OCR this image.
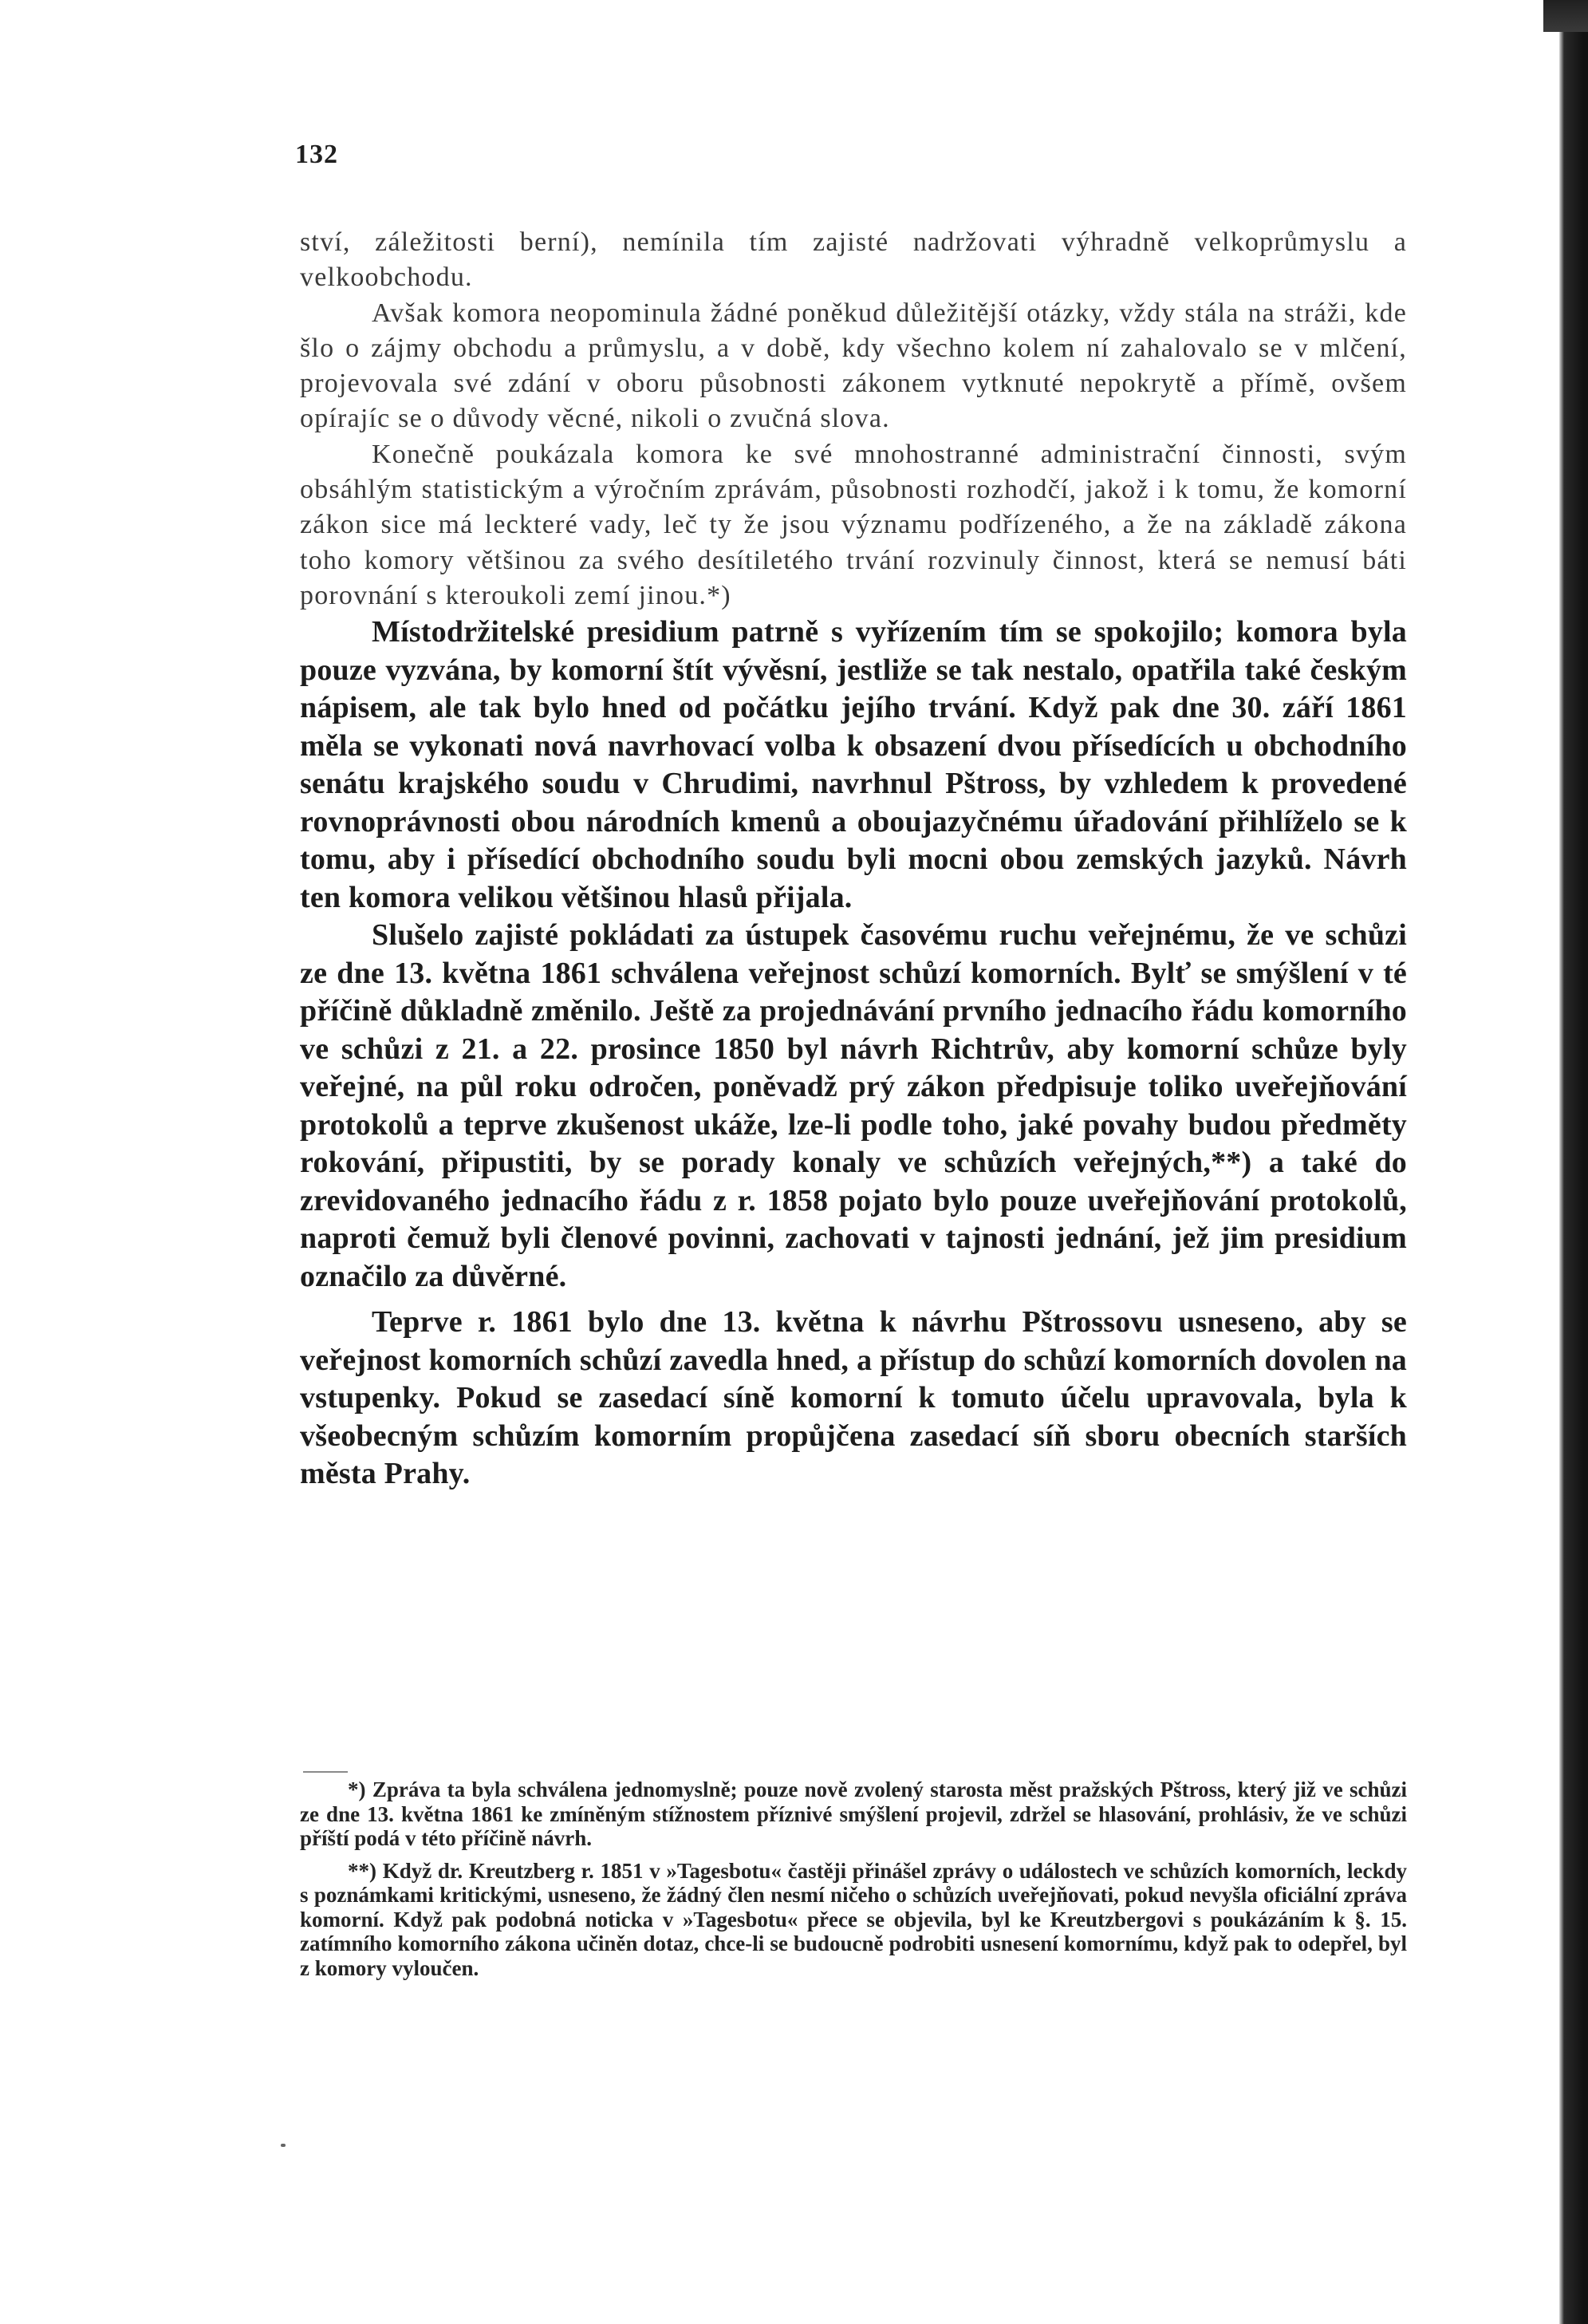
132

ství, záležitosti berní), nemínila tím zajisté nadržovati výhradně velkoprůmyslu a velkoobchodu.

Avšak komora neopominula žádné poněkud důležitější otázky, vždy stála na stráži, kde šlo o zájmy obchodu a průmyslu, a v době, kdy všechno kolem ní zahalovalo se v mlčení, projevovala své zdání v oboru působnosti zákonem vytknuté nepokrytě a přímě, ovšem opírajíc se o důvody věcné, nikoli o zvučná slova.

Konečně poukázala komora ke své mnohostranné administrační činnosti, svým obsáhlým statistickým a výročním zprávám, působnosti rozhodčí, jakož i k tomu, že komorní zákon sice má leckteré vady, leč ty že jsou významu podřízeného, a že na základě zákona toho komory většinou za svého desítiletého trvání rozvinuly činnost, která se nemusí báti porovnání s kteroukoli zemí jinou.*)

Místodržitelské presidium patrně s vyřízením tím se spokojilo; komora byla pouze vyzvána, by komorní štít vývěsní, jestliže se tak nestalo, opatřila také českým nápisem, ale tak bylo hned od počátku jejího trvání. Když pak dne 30. září 1861 měla se vykonati nová navrhovací volba k obsazení dvou přísedících u obchodního senátu krajského soudu v Chrudimi, navrhnul Pštross, by vzhledem k provedené rovnoprávnosti obou národních kmenů a oboujazyčnému úřadování přihlíželo se k tomu, aby i přísedící obchodního soudu byli mocni obou zemských jazyků. Návrh ten komora velikou většinou hlasů přijala.

Slušelo zajisté pokládati za ústupek časovému ruchu veřejnému, že ve schůzi ze dne 13. května 1861 schválena veřejnost schůzí komorních. Bylť se smýšlení v té příčině důkladně změnilo. Ještě za projednávání prvního jednacího řádu komorního ve schůzi z 21. a 22. prosince 1850 byl návrh Richtrův, aby komorní schůze byly veřejné, na půl roku odročen, poněvadž prý zákon předpisuje toliko uveřejňování protokolů a teprve zkušenost ukáže, lze-li podle toho, jaké povahy budou předměty rokování, připustiti, by se porady konaly ve schůzích veřejných,**) a také do zrevidovaného jednacího řádu z r. 1858 pojato bylo pouze uveřejňování protokolů, naproti čemuž byli členové povinni, zachovati v tajnosti jednání, jež jim presidium označilo za důvěrné.

Teprve r. 1861 bylo dne 13. května k návrhu Pštrossovu usneseno, aby se veřejnost komorních schůzí zavedla hned, a přístup do schůzí komorních dovolen na vstupenky. Pokud se zasedací síně komorní k tomuto účelu upravovala, byla k všeobecným schůzím komorním propůjčena zasedací síň sboru obecních starších města Prahy.

*) Zpráva ta byla schválena jednomyslně; pouze nově zvolený starosta měst pražských Pštross, který již ve schůzi ze dne 13. května 1861 ke zmíněným stížnostem příznivé smýšlení projevil, zdržel se hlasování, prohlásiv, že ve schůzi příští podá v této příčině návrh.

**) Když dr. Kreutzberg r. 1851 v »Tagesbotu« častěji přinášel zprávy o událostech ve schůzích komorních, leckdy s poznámkami kritickými, usneseno, že žádný člen nesmí ničeho o schůzích uveřejňovati, pokud nevyšla oficiální zpráva komorní. Když pak podobná noticka v »Tagesbotu« přece se objevila, byl ke Kreutzbergovi s poukázáním k §. 15. zatímního komorního zákona učiněn dotaz, chce-li se budoucně podrobiti usnesení komornímu, když pak to odepřel, byl z komory vyloučen.
